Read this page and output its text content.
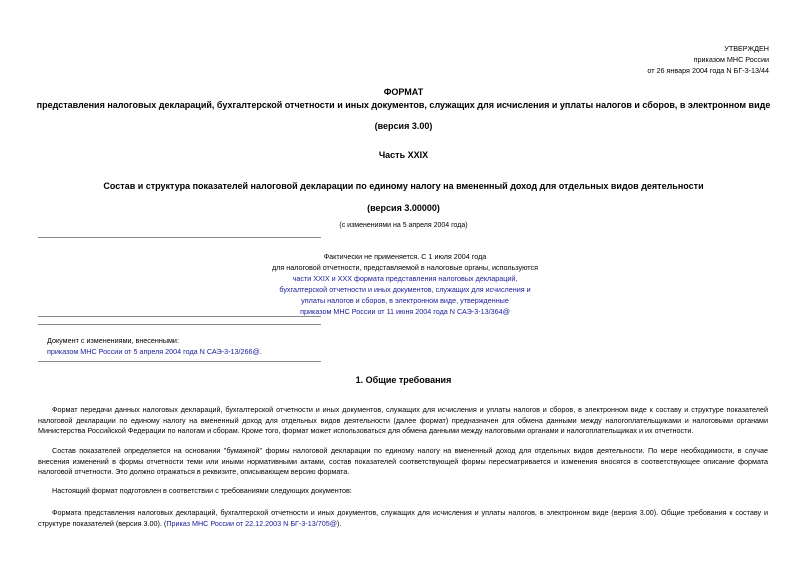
УТВЕРЖДЕН
приказом МНС России
от 26 января 2004 года N БГ-3-13/44
ФОРМАТ
представления налоговых деклараций, бухгалтерской отчетности и иных документов, служащих для исчисления и уплаты налогов и сборов, в электронном виде
(версия 3.00)
Часть XXIX
Состав и структура показателей налоговой декларации по единому налогу на вмененный доход для отдельных видов деятельности
(версия 3.00000)
(с изменениями на 5 апреля 2004 года)
Фактически не применяется. С 1 июля 2004 года
для налоговой отчетности, представляемой в налоговые органы, используются
части XXIX и XXX формата представления налоговых деклараций,
бухгалтерской отчетности и иных документов, служащих для исчисления и
уплаты налогов и сборов, в электронном виде, утвержденные
приказом МНС России от 11 июня 2004 года N САЭ-3-13/364@
Документ с изменениями, внесенными:
приказом МНС России от 5 апреля 2004 года N САЭ-3-13/266@.
1. Общие требования

Формат передачи данных налоговых деклараций, бухгалтерской отчетности и иных документов, служащих для исчисления и уплаты налогов и сборов, в электронном виде к составу и структуре показателей налоговой декларации по единому налогу на вмененный доход для отдельных видов деятельности (далее формат) предназначен для обмена данными между налогоплательщиками и налоговыми органами Министерства Российской Федерации по налогам и сборам. Кроме того, формат может использоваться для обмена данными между налоговыми органами и налогоплательщиках и их отчетности.

Состав показателей определяется на основании "бумажной" формы налоговой декларации по единому налогу на вмененный доход для отдельных видов деятельности. По мере необходимости, в случае внесения изменений в формы отчетности теми или иными нормативными актами, состав показателей соответствующей формы пересматривается и изменения вносятся в соответствующее описание формата налоговой отчетности. Это должно отражаться в реквизите, описывающем версию формата.

Настоящий формат подготовлен в соответствии с требованиями следующих документов:

Формата представления налоговых деклараций, бухгалтерской отчетности и иных документов, служащих для исчисления и уплаты налогов, в электронном виде (версия 3.00). Общие требования к составу и структуре показателей (версия 3.00). (Приказ МНС России от 22.12.2003 N БГ-3-13/705@).
